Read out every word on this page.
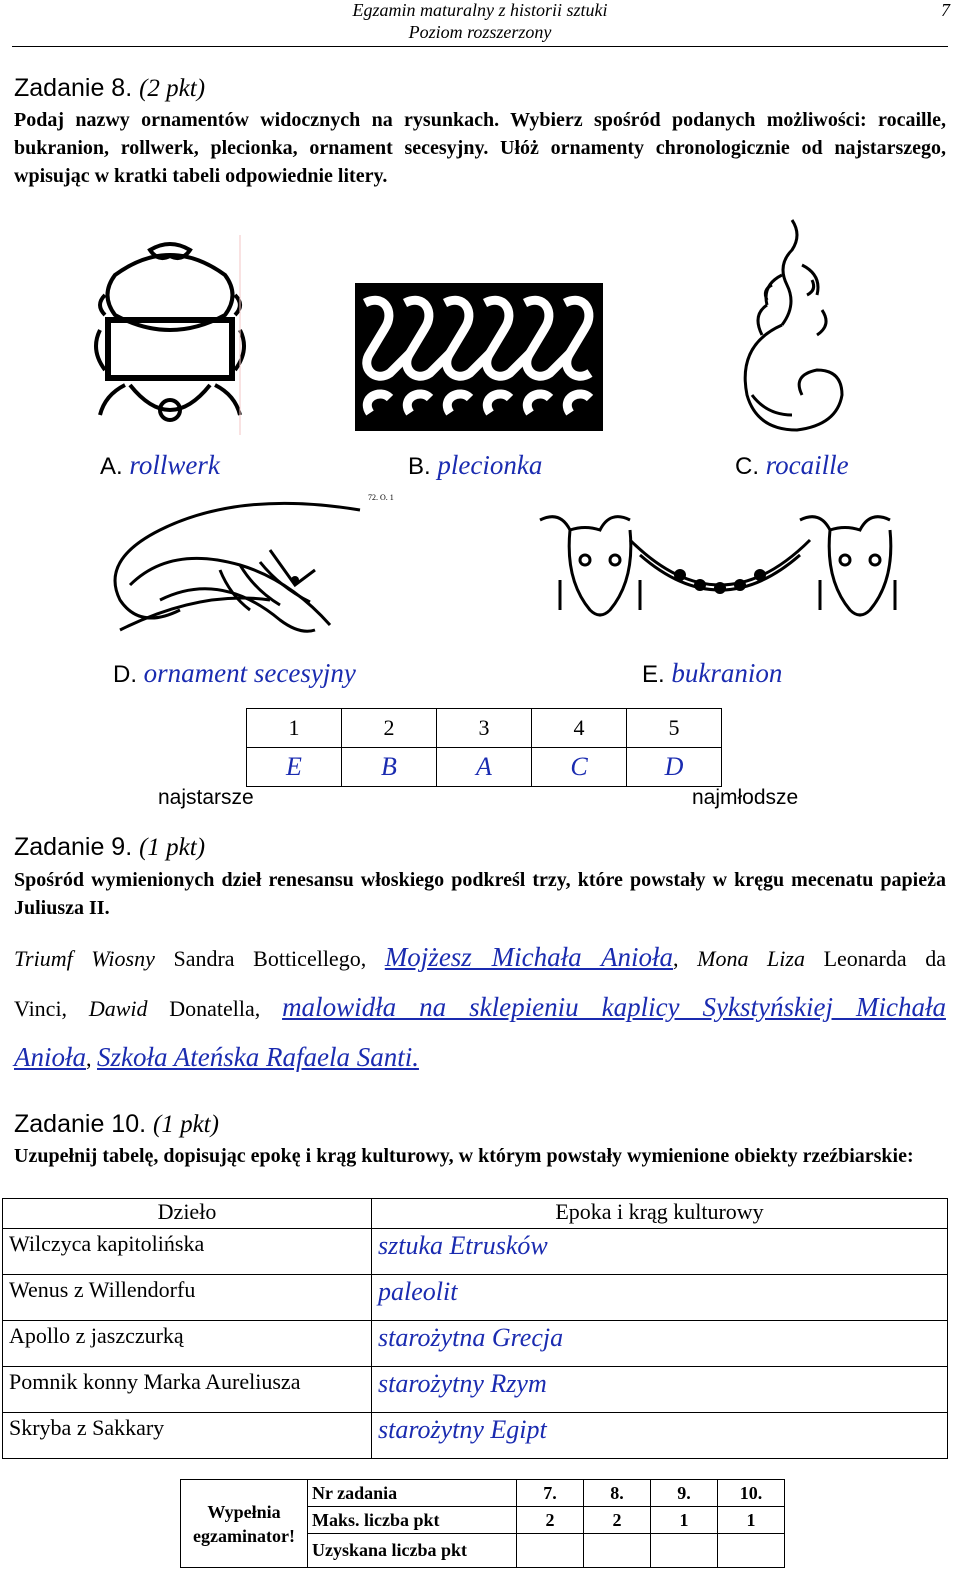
Egzamin maturalny z historii sztuki
Poziom rozszerzony
7
Zadanie 8. (2 pkt)
Podaj nazwy ornamentów widocznych na rysunkach. Wybierz spośród podanych możliwości: rocaille, bukranion, rollwerk, plecionka, ornament secesyjny. Ułóż ornamenty chronologicznie od najstarszego, wpisując w kratki tabeli odpowiednie litery.
A. rollwerk	B. plecionka	C. rocaille
72. O. 1
D. ornament secesyjny	E. bukranion
1	2	3	4	5
E	B	A	C	D
najstarsze	najmłodsze
Zadanie 9. (1 pkt)
Spośród wymienionych dzieł renesansu włoskiego podkreśl trzy, które powstały w kręgu mecenatu papieża Juliusza II.
Triumf Wiosny Sandra Botticellego, Mojżesz Michała Anioła, Mona Liza Leonarda da
Vinci, Dawid Donatella, malowidła na sklepieniu kaplicy Sykstyńskiej Michała
Anioła, Szkoła Ateńska Rafaela Santi.
Zadanie 10. (1 pkt)
Uzupełnij tabelę, dopisując epokę i krąg kulturowy, w którym powstały wymienione obiekty rzeźbiarskie:
Dzieło	Epoka i krąg kulturowy
Wilczyca kapitolińska	sztuka Etrusków
Wenus z Willendorfu	paleolit
Apollo z jaszczurką	starożytna Grecja
Pomnik konny Marka Aureliusza	starożytny Rzym
Skryba z Sakkary	starożytny Egipt
Wypełnia egzaminator!	Nr zadania	7.	8.	9.	10.
	Maks. liczba pkt	2	2	1	1
	Uzyskana liczba pkt				
